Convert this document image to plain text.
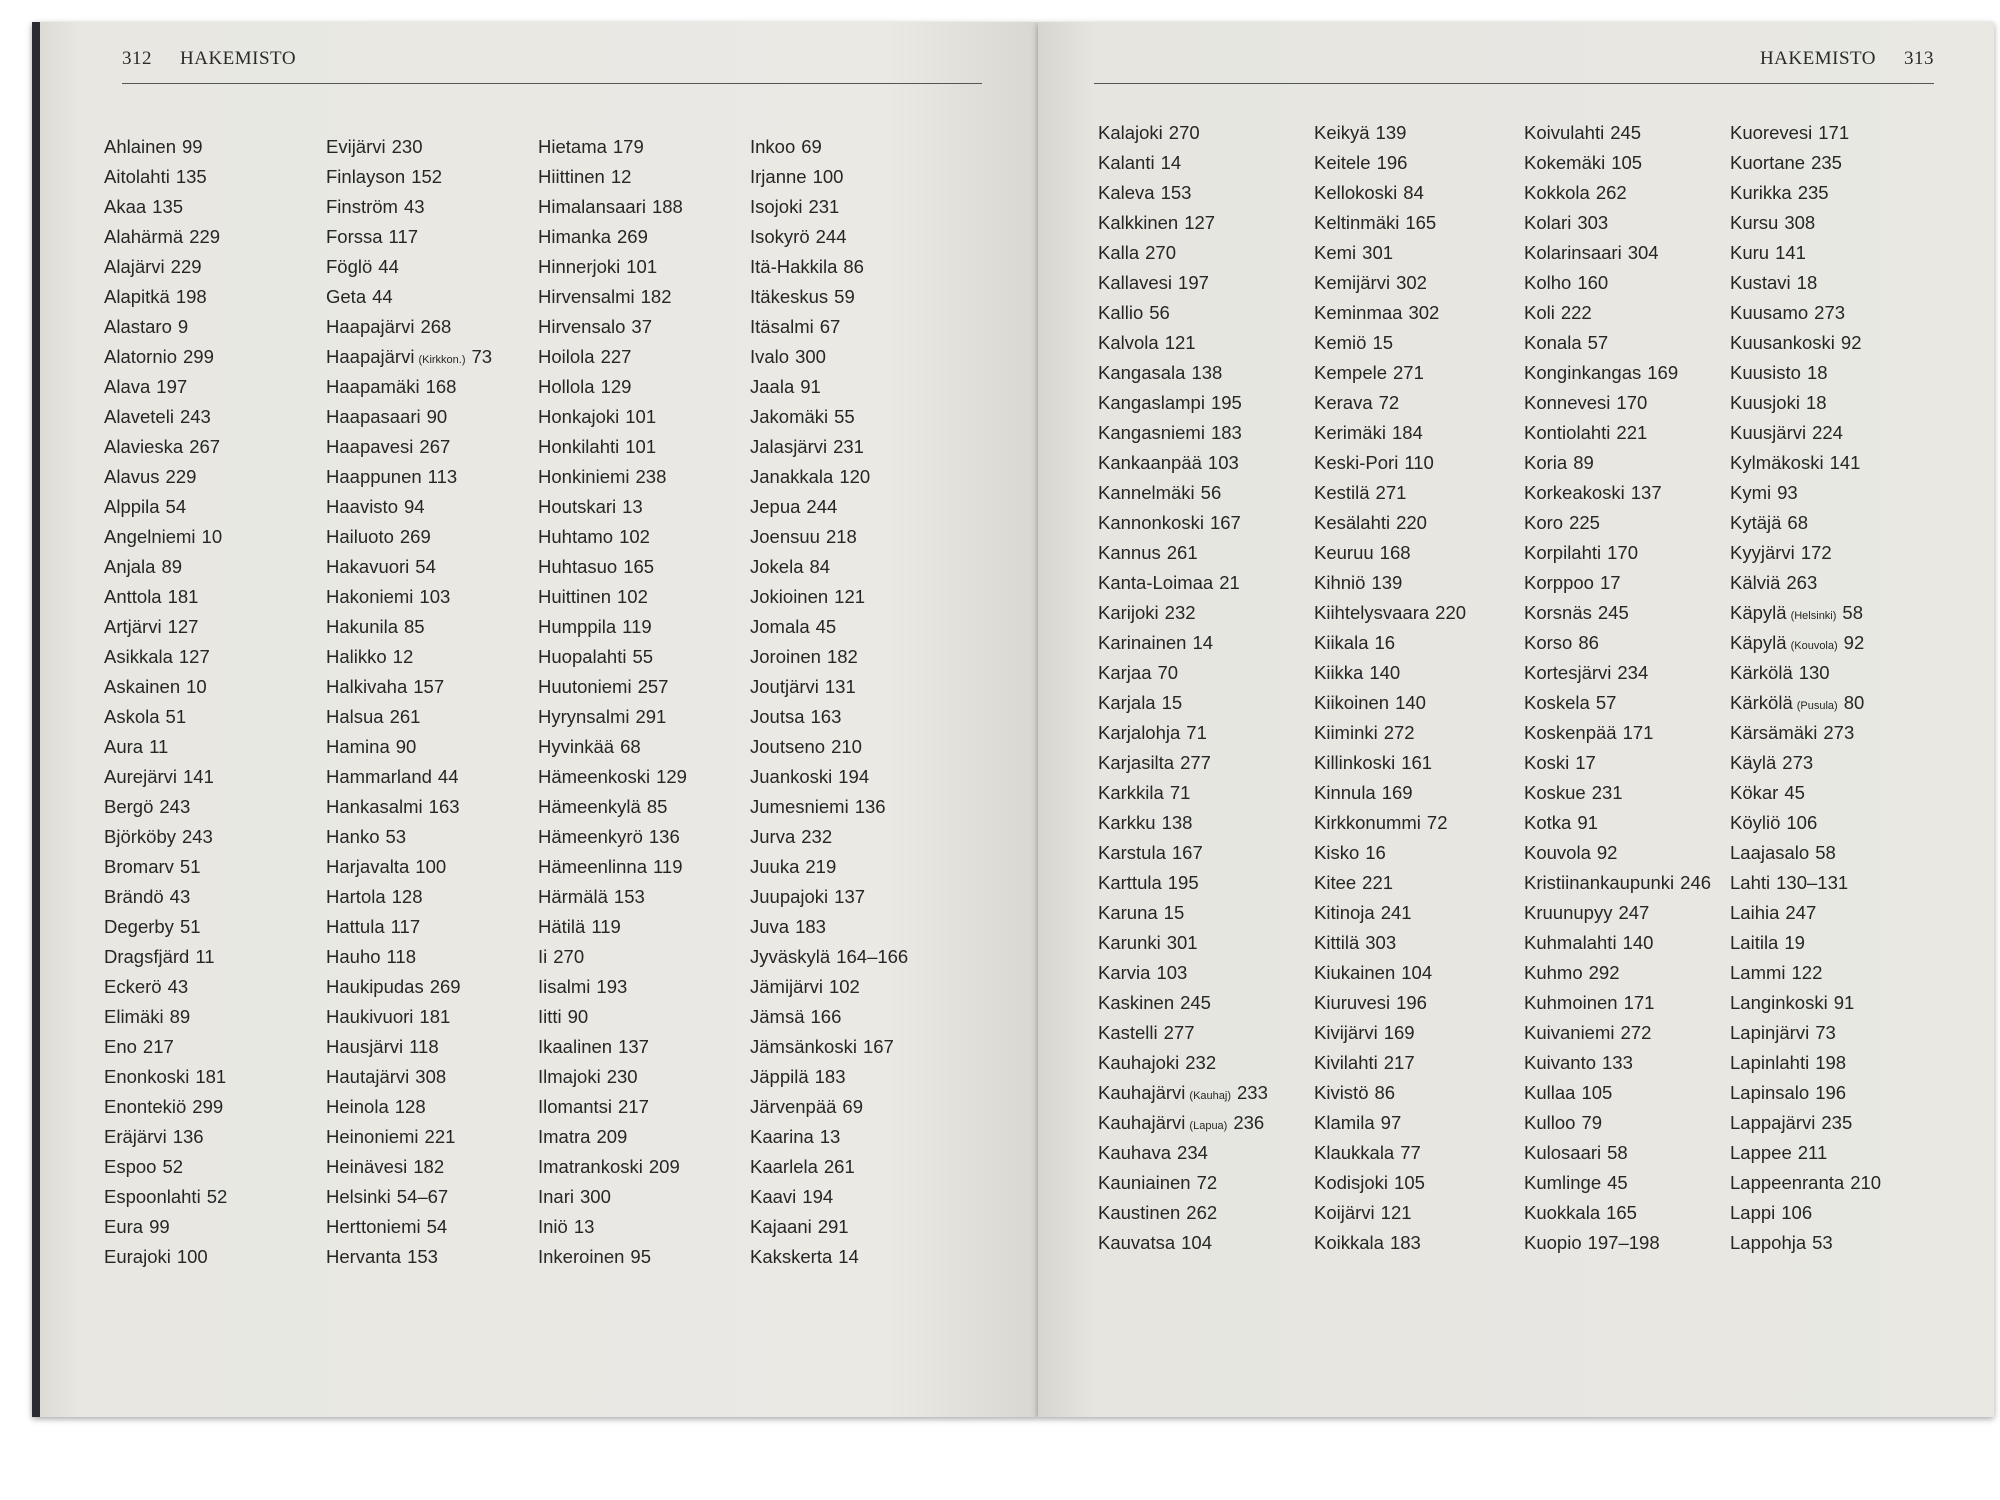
312 HAKEMISTO
Ahlainen 99
Aitolahti 135
Akaa 135
Alahärmä 229
Alajärvi 229
Alapitkä 198
Alastaro 9
Alatornio 299
Alava 197
Alaveteli 243
Alavieska 267
Alavus 229
Alppila 54
Angelniemi 10
Anjala 89
Anttola 181
Artjärvi 127
Asikkala 127
Askainen 10
Askola 51
Aura 11
Aurejärvi 141
Bergö 243
Björköby 243
Bromarv 51
Brändö 43
Degerby 51
Dragsfjärd 11
Eckerö 43
Elimäki 89
Eno 217
Enonkoski 181
Enontekiö 299
Eräjärvi 136
Espoo 52
Espoonlahti 52
Eura 99
Eurajoki 100
Evijärvi 230
Finlayson 152
Finström 43
Forssa 117
Föglö 44
Geta 44
Haapajärvi 268
Haapajärvi (Kirkkon.) 73
Haapamäki 168
Haapasaari 90
Haapavesi 267
Haappunen 113
Haavisto 94
Hailuoto 269
Hakavuori 54
Hakoniemi 103
Hakunila 85
Halikko 12
Halkivaha 157
Halsua 261
Hamina 90
Hammarland 44
Hankasalmi 163
Hanko 53
Harjavalta 100
Hartola 128
Hattula 117
Hauho 118
Haukipudas 269
Haukivuori 181
Hausjärvi 118
Hautajärvi 308
Heinola 128
Heinoniemi 221
Heinävesi 182
Helsinki 54–67
Herttoniemi 54
Hervanta 153
Hietama 179
Hiittinen 12
Himalansaari 188
Himanka 269
Hinnerjoki 101
Hirvensalmi 182
Hirvensalo 37
Hoilola 227
Hollola 129
Honkajoki 101
Honkilahti 101
Honkiniemi 238
Houtskari 13
Huhtamo 102
Huhtasuo 165
Huittinen 102
Humppila 119
Huopalahti 55
Huutoniemi 257
Hyrynsalmi 291
Hyvinkää 68
Hämeenkoski 129
Hämeenkylä 85
Hämeenkyrö 136
Hämeenlinna 119
Härmälä 153
Hätilä 119
Ii 270
Iisalmi 193
Iitti 90
Ikaalinen 137
Ilmajoki 230
Ilomantsi 217
Imatra 209
Imatrankoski 209
Inari 300
Iniö 13
Inkeroinen 95
Inkoo 69
Irjanne 100
Isojoki 231
Isokyrö 244
Itä-Hakkila 86
Itäkeskus 59
Itäsalmi 67
Ivalo 300
Jaala 91
Jakomäki 55
Jalasjärvi 231
Janakkala 120
Jepua 244
Joensuu 218
Jokela 84
Jokioinen 121
Jomala 45
Joroinen 182
Joutjärvi 131
Joutsa 163
Joutseno 210
Juankoski 194
Jumesniemi 136
Jurva 232
Juuka 219
Juupajoki 137
Juva 183
Jyväskylä 164–166
Jämijärvi 102
Jämsä 166
Jämsänkoski 167
Jäppilä 183
Järvenpää 69
Kaarina 13
Kaarlela 261
Kaavi 194
Kajaani 291
Kakskerta 14
HAKEMISTO 313
Kalajoki 270
Kalanti 14
Kaleva 153
Kalkkinen 127
Kalla 270
Kallavesi 197
Kallio 56
Kalvola 121
Kangasala 138
Kangaslampi 195
Kangasniemi 183
Kankaanpää 103
Kannelmäki 56
Kannonkoski 167
Kannus 261
Kanta-Loimaa 21
Karijoki 232
Karinainen 14
Karjaa 70
Karjala 15
Karjalohja 71
Karjasilta 277
Karkkila 71
Karkku 138
Karstula 167
Karttula 195
Karuna 15
Karunki 301
Karvia 103
Kaskinen 245
Kastelli 277
Kauhajoki 232
Kauhajärvi (Kauhaj) 233
Kauhajärvi (Lapua) 236
Kauhava 234
Kauniainen 72
Kaustinen 262
Kauvatsa 104
Keikyä 139
Keitele 196
Kellokoski 84
Keltinmäki 165
Kemi 301
Kemijärvi 302
Keminmaa 302
Kemiö 15
Kempele 271
Kerava 72
Kerimäki 184
Keski-Pori 110
Kestilä 271
Kesälahti 220
Keuruu 168
Kihniö 139
Kiihtelysvaara 220
Kiikala 16
Kiikka 140
Kiikoinen 140
Kiiminki 272
Killinkoski 161
Kinnula 169
Kirkkonummi 72
Kisko 16
Kitee 221
Kitinoja 241
Kittilä 303
Kiukainen 104
Kiuruvesi 196
Kivijärvi 169
Kivilahti 217
Kivistö 86
Klamila 97
Klaukkala 77
Kodisjoki 105
Koijärvi 121
Koikkala 183
Koivulahti 245
Kokemäki 105
Kokkola 262
Kolari 303
Kolarinsaari 304
Kolho 160
Koli 222
Konala 57
Konginkangas 169
Konnevesi 170
Kontiolahti 221
Koria 89
Korkeakoski 137
Koro 225
Korpilahti 170
Korppoo 17
Korsnäs 245
Korso 86
Kortesjärvi 234
Koskela 57
Koskenpää 171
Koski 17
Koskue 231
Kotka 91
Kouvola 92
Kristiinankaupunki 246
Kruunupyy 247
Kuhmalahti 140
Kuhmo 292
Kuhmoinen 171
Kuivaniemi 272
Kuivanto 133
Kullaa 105
Kulloo 79
Kulosaari 58
Kumlinge 45
Kuokkala 165
Kuopio 197–198
Kuorevesi 171
Kuortane 235
Kurikka 235
Kursu 308
Kuru 141
Kustavi 18
Kuusamo 273
Kuusankoski 92
Kuusisto 18
Kuusjoki 18
Kuusjärvi 224
Kylmäkoski 141
Kymi 93
Kytäjä 68
Kyyjärvi 172
Kälviä 263
Käpylä (Helsinki) 58
Käpylä (Kouvola) 92
Kärkölä 130
Kärkölä (Pusula) 80
Kärsämäki 273
Käylä 273
Kökar 45
Köyliö 106
Laajasalo 58
Lahti 130–131
Laihia 247
Laitila 19
Lammi 122
Langinkoski 91
Lapinjärvi 73
Lapinlahti 198
Lapinsalo 196
Lappajärvi 235
Lappee 211
Lappeenranta 210
Lappi 106
Lappohja 53
